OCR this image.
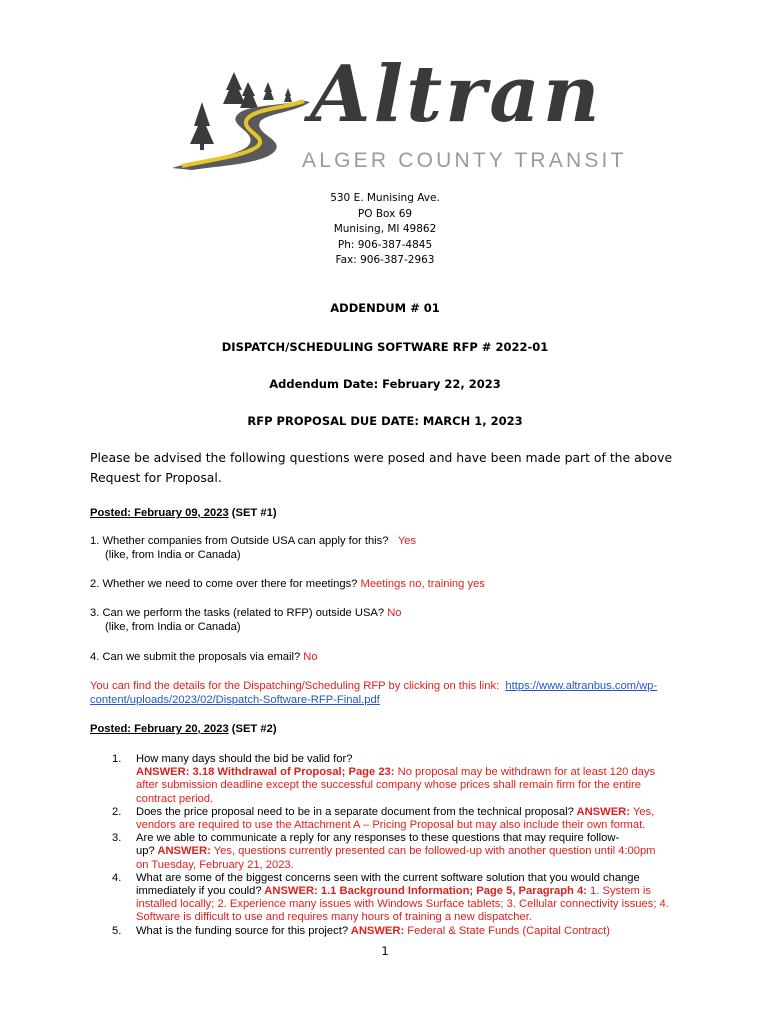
Altran
ALGER COUNTY TRANSIT
530 E. Munising Ave.
PO Box 69
Munising, MI 49862
Ph: 906-387-4845
Fax: 906-387-2963
ADDENDUM # 01
DISPATCH/SCHEDULING SOFTWARE RFP # 2022-01
Addendum Date: February 22, 2023
RFP PROPOSAL DUE DATE: MARCH 1, 2023
Please be advised the following questions were posed and have been made part of the above Request for Proposal.
Posted: February 09, 2023 (SET #1)
1. Whether companies from Outside USA can apply for this? Yes
(like, from India or Canada)
2. Whether we need to come over there for meetings? Meetings no, training yes
3. Can we perform the tasks (related to RFP) outside USA? No
(like, from India or Canada)
4. Can we submit the proposals via email? No
You can find the details for the Dispatching/Scheduling RFP by clicking on this link: https://www.altranbus.com/wp-
content/uploads/2023/02/Dispatch-Software-RFP-Final.pdf
Posted: February 20, 2023 (SET #2)
1. How many days should the bid be valid for?
ANSWER: 3.18 Withdrawal of Proposal; Page 23: No proposal may be withdrawn for at least 120 days
after submission deadline except the successful company whose prices shall remain firm for the entire
contract period.
2. Does the price proposal need to be in a separate document from the technical proposal? ANSWER: Yes,
vendors are required to use the Attachment A – Pricing Proposal but may also include their own format.
3. Are we able to communicate a reply for any responses to these questions that may require follow-
up? ANSWER: Yes, questions currently presented can be followed-up with another question until 4:00pm
on Tuesday, February 21, 2023.
4. What are some of the biggest concerns seen with the current software solution that you would change
immediately if you could? ANSWER: 1.1 Background Information; Page 5, Paragraph 4: 1. System is
installed locally; 2. Experience many issues with Windows Surface tablets; 3. Cellular connectivity issues; 4.
Software is difficult to use and requires many hours of training a new dispatcher.
5. What is the funding source for this project? ANSWER: Federal & State Funds (Capital Contract)
1
